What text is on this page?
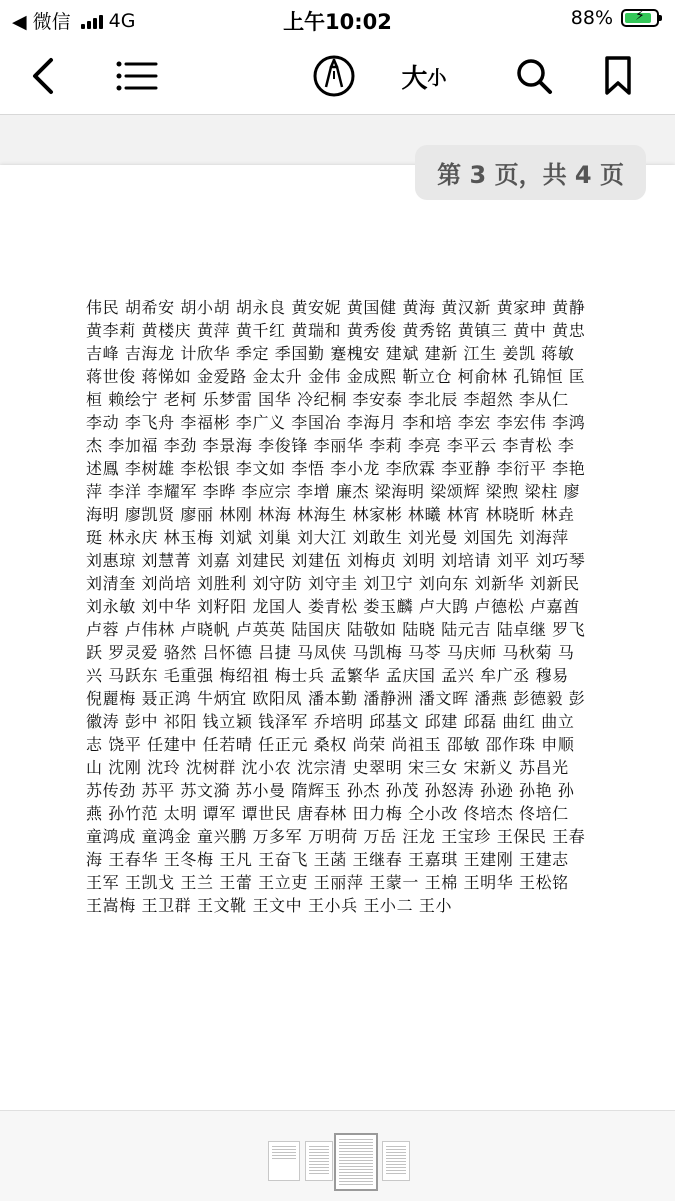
◀ 微信 4G	上午10:02	88% ⚡
大 小

伟民 胡希安 胡小胡 胡永良 黄安妮 黄国健 黄海 黄汉新 黄家珅 黄静 黄李莉 黄楼庆 黄萍 黄千红 黄瑞和 黄秀俊 黄秀铭 黄镇三 黄中 黄忠 吉峰 吉海龙 计欣华 季定 季国勤 蹇槐安 建斌 建新 江生 姜凯 蒋敏 蒋世俊 蒋悌如 金爱路 金太升 金伟 金成熙 靳立仓 柯俞林 孔锦恒 匡桓 赖绘宁 老柯 乐梦雷 国华 冷纪桐 李安泰 李北辰 李超然 李从仁 李动 李飞舟 李福彬 李广义 李国冶 李海月 李和培 李宏 李宏伟 李鸿杰 李加福 李劲 李景海 李俊锋 李丽华 李莉 李亮 李平云 李青松 李述鳳 李树雄 李松银 李文如 李悟 李小龙 李欣霖 李亚静 李衍平 李艳萍 李洋 李耀军 李晔 李应宗 李增 廉杰 梁海明 梁颂辉 梁煦 梁柱 廖海明 廖凯贤 廖丽 林刚 林海 林海生 林家彬 林曦 林宵 林晓昕 林垚珽 林永庆 林玉梅 刘斌 刘巢 刘大江 刘敢生 刘光曼 刘国先 刘海萍 刘惠琼 刘慧菁 刘嘉 刘建民 刘建伍 刘梅贞 刘明 刘培请 刘平 刘巧琴 刘清奎 刘尚培 刘胜利 刘守防 刘守圭 刘卫宁 刘向东 刘新华 刘新民 刘永敏 刘中华 刘籽阳 龙国人 娄青松 娄玉麟 卢大鹍 卢德松 卢嘉酋 卢蓉 卢伟林 卢晓帆 卢英英 陆国庆 陆敬如 陆晓 陆元吉 陆卓继 罗飞跃 罗灵爱 骆然 吕怀德 吕捷 马凤侠 马凯梅 马苓 马庆师 马秋菊 马兴 马跃东 毛重强 梅绍祖 梅士兵 孟繁华 孟庆国 孟兴 牟广丞 穆易 倪麗梅 聂正鸿 牛炳宜 欧阳凤 潘本勤 潘静洲 潘文晖 潘燕 彭德毅 彭徽涛 彭中 祁阳 钱立颖 钱泽军 乔培明 邱基文 邱建 邱磊 曲红 曲立志 饶平 任建中 任若晴 任正元 桑权 尚荣 尚祖玉 邵敏 邵作珠 申顺山 沈刚 沈玲 沈树群 沈小农 沈宗清 史翠明 宋三女 宋新义 苏昌光 苏传劲 苏平 苏文漪 苏小曼 隋辉玉 孙杰 孙茂 孙怒涛 孙逊 孙艳 孙燕 孙竹范 太明 谭军 谭世民 唐春林 田力梅 仝小改 佟培杰 佟培仁 童鸿成 童鸿金 童兴鹏 万多军 万明荷 万岳 汪龙 王宝珍 王保民 王春海 王春华 王冬梅 王凡 王奋飞 王菡 王继春 王嘉琪 王建刚 王建志 王军 王凯戈 王兰 王蕾 王立吏 王丽萍 王蒙一 王棉 王明华 王松铭 王嵩梅 王卫群 王文靴 王文中 王小兵 王小二 王小

第 3 页，共 4 页
